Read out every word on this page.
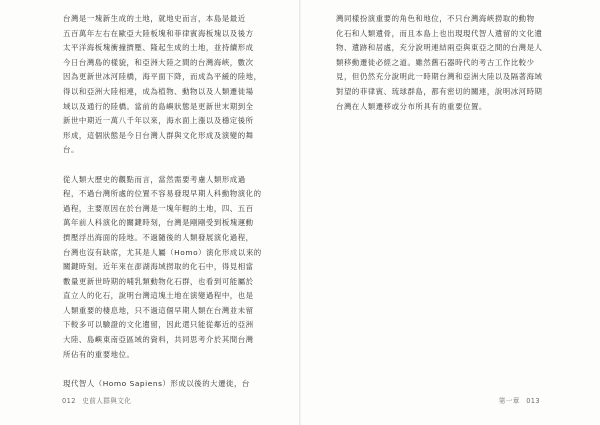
台灣是一塊新生成的土地，就地史而言，本島是最近
五百萬年左右在歐亞大陸板塊和菲律賓海板塊以及後方
太平洋海板塊衝撞擠壓、隆起生成的土地，並持續形成
今日台灣島的樣貌，和亞洲大陸之間的台灣海峽，數次
因為更新世冰河陸橋，海平面下降，而成為平緩的陸地，
得以和亞洲大陸相連，成為植物、動物以及人類遷徙場
域以及通行的陸橋。當前的島嶼狀態是更新世末期到全
新世中期近一萬八千年以來，海水面上漲以及穩定後所
形成，這個狀態是今日台灣人群與文化形成及演變的舞
台。
從人類大歷史的觀點而言，當然需要考慮人類形成過
程，不過台灣所處的位置不容易發現早期人科動物演化的
過程，主要原因在於台灣是一塊年輕的土地，四、五百
萬年前人科演化的關鍵時刻，台灣是剛剛受到板塊運動
擠壓浮出海面的陸地。不過隨後的人類發展演化過程，
台灣也沒有缺席，尤其是人屬（Homo）演化形成以來的
關鍵時刻。近年來在澎湖海域撈取的化石中，得見相當
數量更新世時期的哺乳類動物化石群，也看到可能屬於
直立人的化石，說明台灣這塊土地在演變過程中，也是
人類重要的棲息地，只不過這個早期人類在台灣並未留
下較多可以驗證的文化遺留，因此還只能從鄰近的亞洲
大陸、島嶼東南亞區域的資料，共同思考介於其間台灣
所佔有的重要地位。
現代智人（Homo Sapiens）形成以後的大遷徙，台
012 史前人群與文化
灣同樣扮演重要的角色和地位，不只台灣海峽撈取的動物
化石和人類遺骨，而且本島上也出現現代智人遺留的文化遺
物、遺跡和居處，充分說明連結兩亞與東亞之間的台灣是人
類移動遷徙必經之道。雖然舊石器時代的考古工作比較少
見，但仍然充分說明此一時期台灣和亞洲大陸以及隔著海域
對望的菲律賓、琉球群島，都有密切的關連，說明冰河時期
台灣在人類遷移或分布所具有的重要位置。
第一章 013
